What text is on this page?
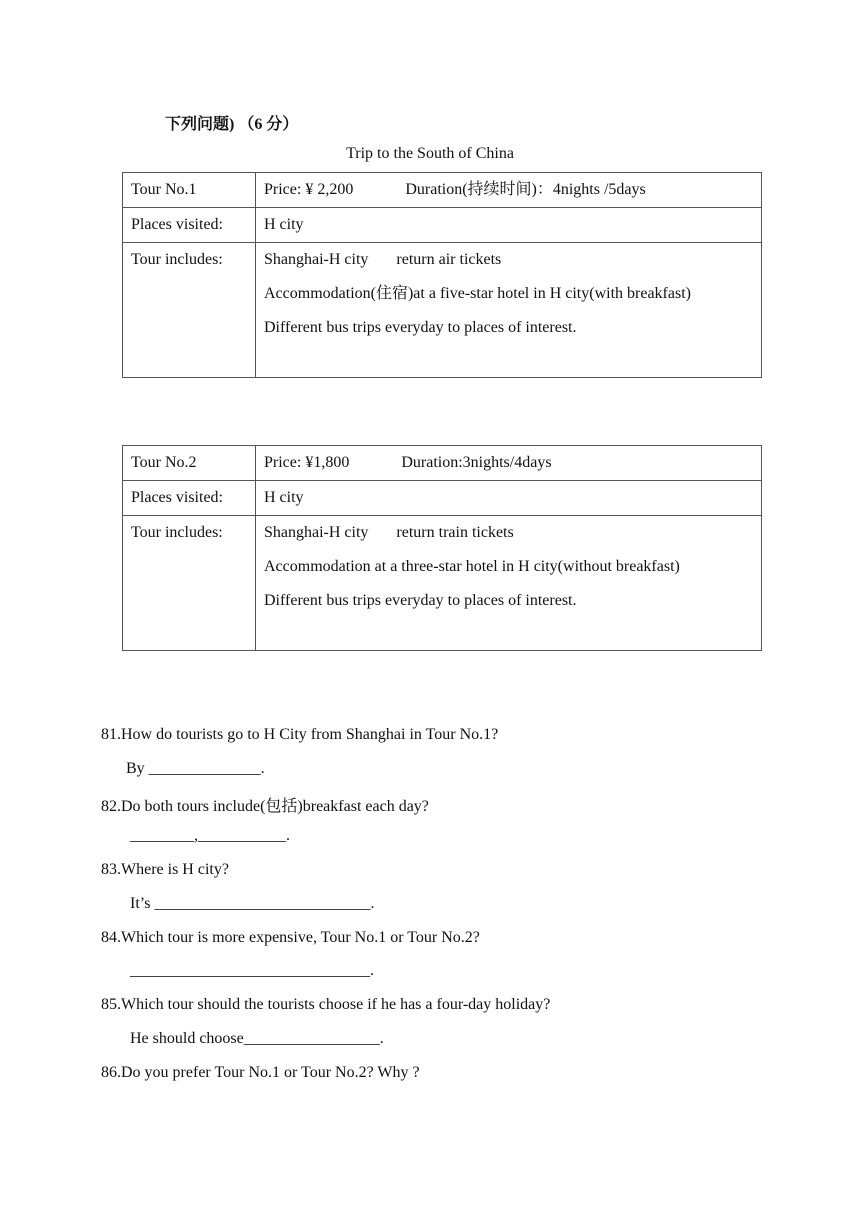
下列问题) （6 分）
Trip to the South of China
Tour No.1	Price: ¥ 2,200 Duration(持续时间)：4nights /5days
Places visited:	H city
Tour includes:	Shanghai-H city return air tickets
Accommodation(住宿)at a five-star hotel in H city(with breakfast)
Different bus trips everyday to places of interest.
Tour No.2	Price: ¥1,800 Duration:3nights/4days
Places visited:	H city
Tour includes:	Shanghai-H city return train tickets
Accommodation at a three-star hotel in H city(without breakfast)
Different bus trips everyday to places of interest.
81.How do tourists go to H City from Shanghai in Tour No.1?
By ______________.
82.Do both tours include(包括)breakfast each day?
________,___________.
83.Where is H city?
It’s ___________________________.
84.Which tour is more expensive, Tour No.1 or Tour No.2?
______________________________.
85.Which tour should the tourists choose if he has a four-day holiday?
He should choose_________________.
86.Do you prefer Tour No.1 or Tour No.2? Why ?
